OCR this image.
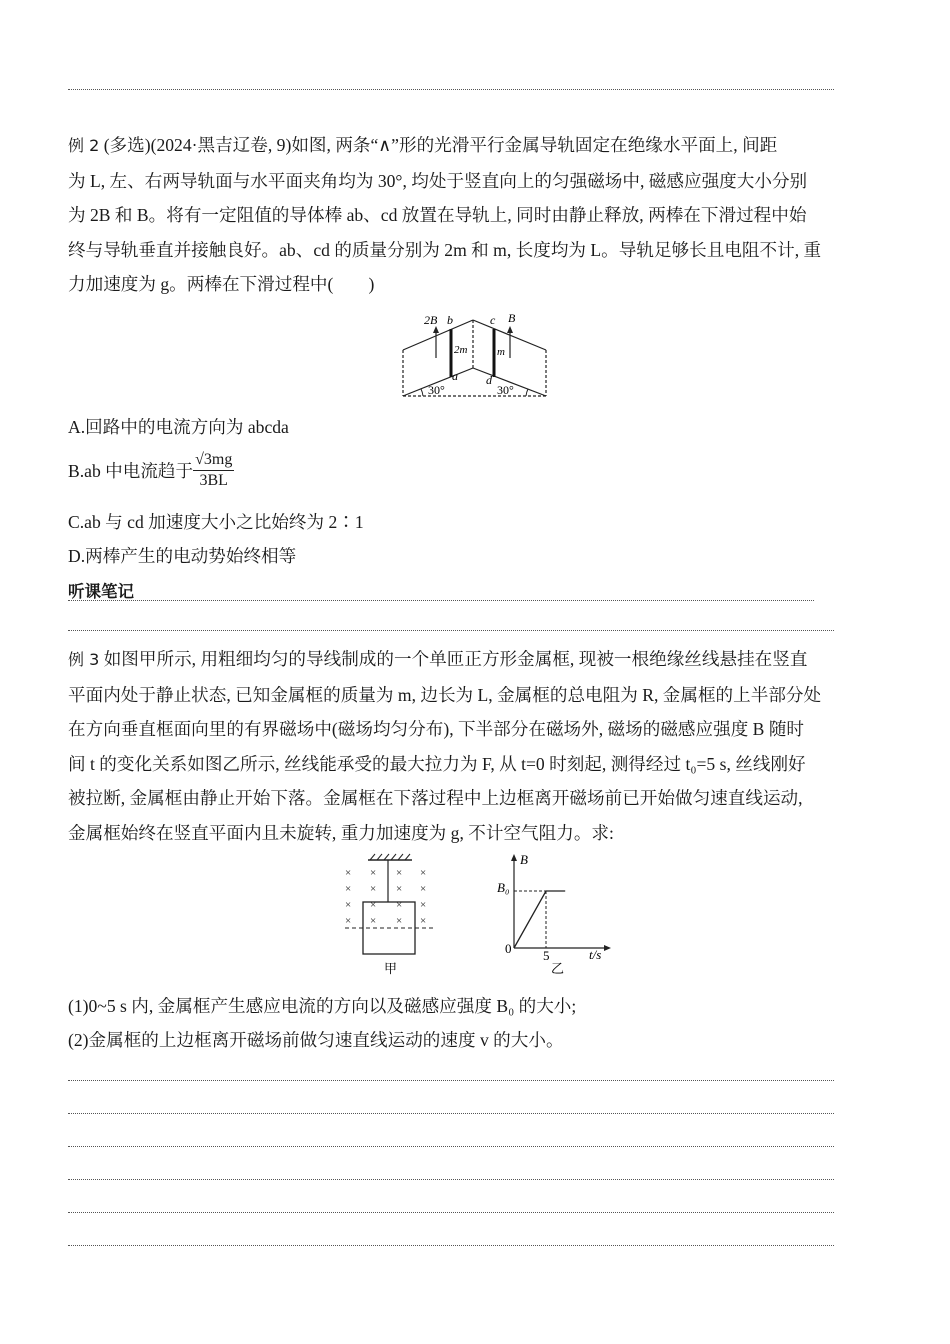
例 2 (多选)(2024·黑吉辽卷, 9)如图, 两条“∧”形的光滑平行金属导轨固定在绝缘水平面上, 间距
为 L, 左、右两导轨面与水平面夹角均为 30°, 均处于竖直向上的匀强磁场中, 磁感应强度大小分别
为 2B 和 B。将有一定阻值的导体棒 ab、cd 放置在导轨上, 同时由静止释放, 两棒在下滑过程中始
终与导轨垂直并接触良好。ab、cd 的质量分别为 2m 和 m, 长度均为 L。导轨足够长且电阻不计, 重
力加速度为 g。两棒在下滑过程中(　　)
2B b	c B
2m	m
a d
30°	30°
A.回路中的电流方向为 abcda
B.ab 中电流趋于 $\frac{√3mg}{3BL}$
C.ab 与 cd 加速度大小之比始终为 2∶1
D.两棒产生的电动势始终相等
听课笔记
例 3 如图甲所示, 用粗细均匀的导线制成的一个单匝正方形金属框, 现被一根绝缘丝线悬挂在竖直
平面内处于静止状态, 已知金属框的质量为 m, 边长为 L, 金属框的总电阻为 R, 金属框的上半部分处
在方向垂直框面向里的有界磁场中(磁场均匀分布), 下半部分在磁场外, 磁场的磁感应强度 B 随时
间 t 的变化关系如图乙所示, 丝线能承受的最大拉力为 F, 从 t=0 时刻起, 测得经过 t₀=5 s, 丝线刚好
被拉断, 金属框由静止开始下落。金属框在下落过程中上边框离开磁场前已开始做匀速直线运动,
金属框始终在竖直平面内且未旋转, 重力加速度为 g, 不计空气阻力。求:
× × × ×
× × × ×
× × × ×
× × × ×
甲
B
B₀
0 5	t/s
乙
(1)0~5 s 内, 金属框产生感应电流的方向以及磁感应强度 B₀ 的大小;
(2)金属框的上边框离开磁场前做匀速直线运动的速度 v 的大小。
